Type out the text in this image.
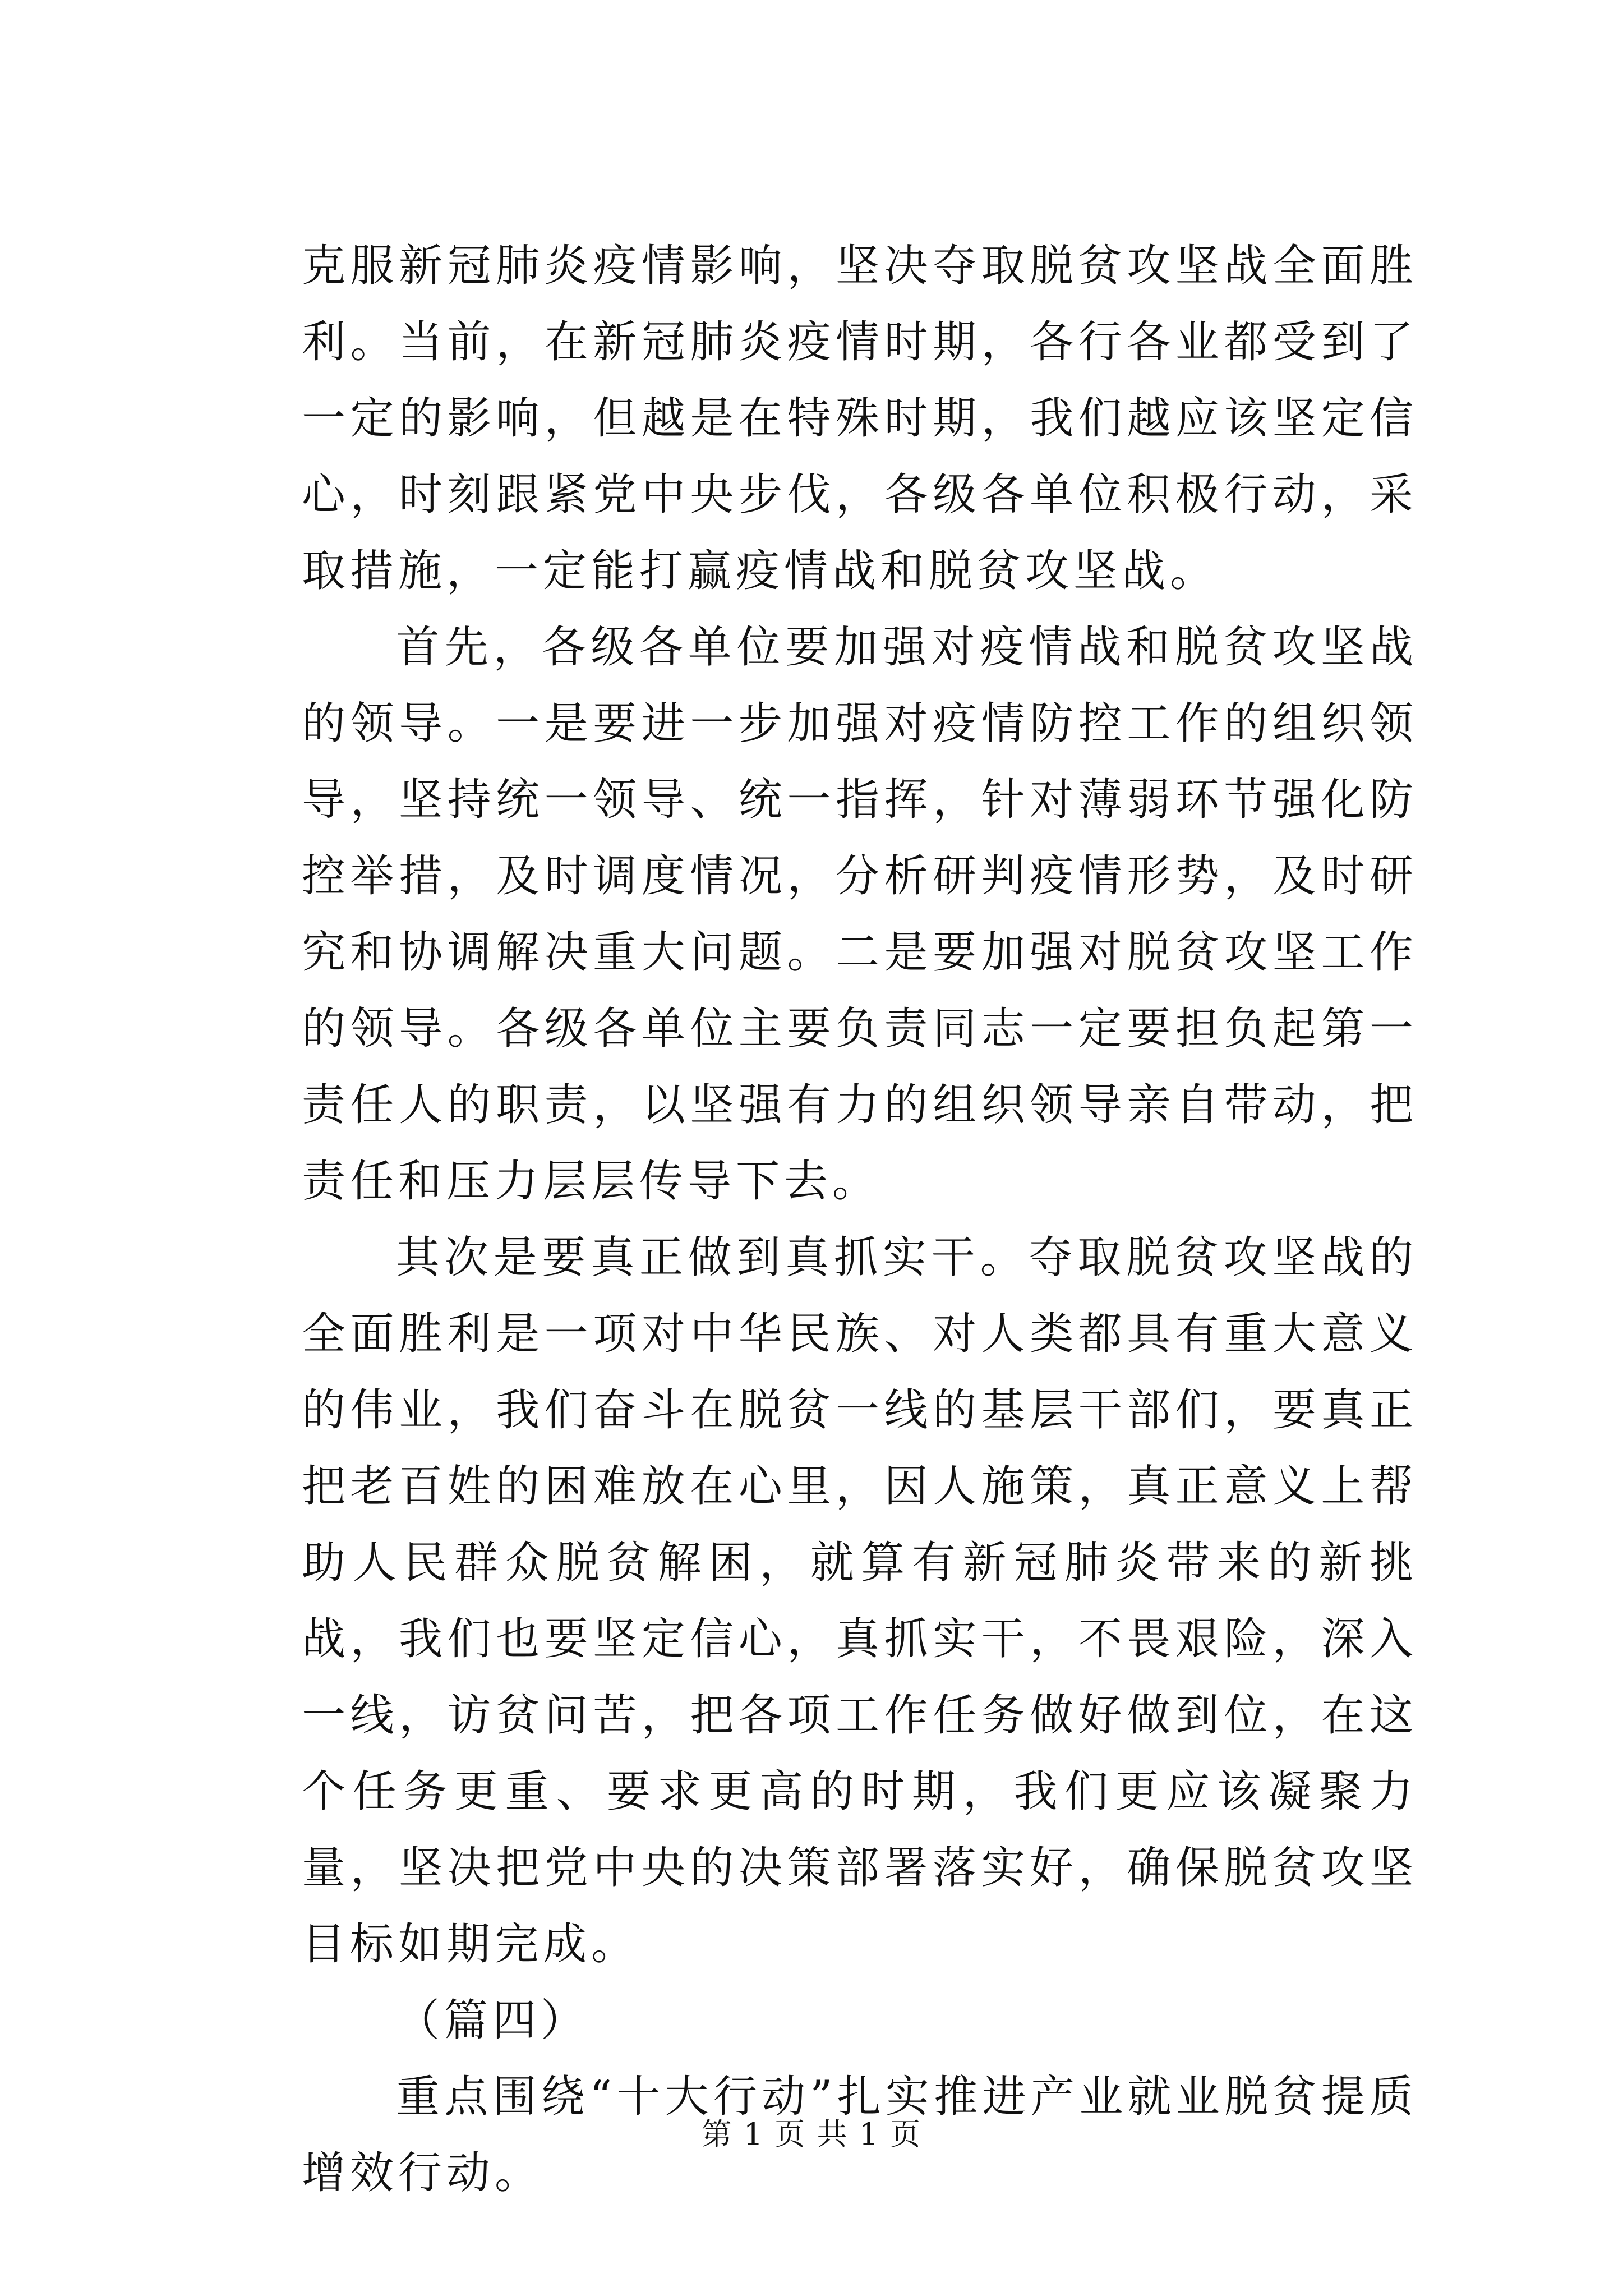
克服新冠肺炎疫情影响，坚决夺取脱贫攻坚战全面胜利。当前，在新冠肺炎疫情时期，各行各业都受到了一定的影响，但越是在特殊时期，我们越应该坚定信心，时刻跟紧党中央步伐，各级各单位积极行动，采取措施，一定能打赢疫情战和脱贫攻坚战。

首先，各级各单位要加强对疫情战和脱贫攻坚战的领导。一是要进一步加强对疫情防控工作的组织领导，坚持统一领导、统一指挥，针对薄弱环节强化防控举措，及时调度情况，分析研判疫情形势，及时研究和协调解决重大问题。二是要加强对脱贫攻坚工作的领导。各级各单位主要负责同志一定要担负起第一责任人的职责，以坚强有力的组织领导亲自带动，把责任和压力层层传导下去。

其次是要真正做到真抓实干。夺取脱贫攻坚战的全面胜利是一项对中华民族、对人类都具有重大意义的伟业，我们奋斗在脱贫一线的基层干部们，要真正把老百姓的困难放在心里，因人施策，真正意义上帮助人民群众脱贫解困，就算有新冠肺炎带来的新挑战，我们也要坚定信心，真抓实干，不畏艰险，深入一线，访贫问苦，把各项工作任务做好做到位，在这个任务更重、要求更高的时期，我们更应该凝聚力量，坚决把党中央的决策部署落实好，确保脱贫攻坚目标如期完成。

（篇四）

重点围绕“十大行动”扎实推进产业就业脱贫提质增效行动。

第 1 页 共 1 页
